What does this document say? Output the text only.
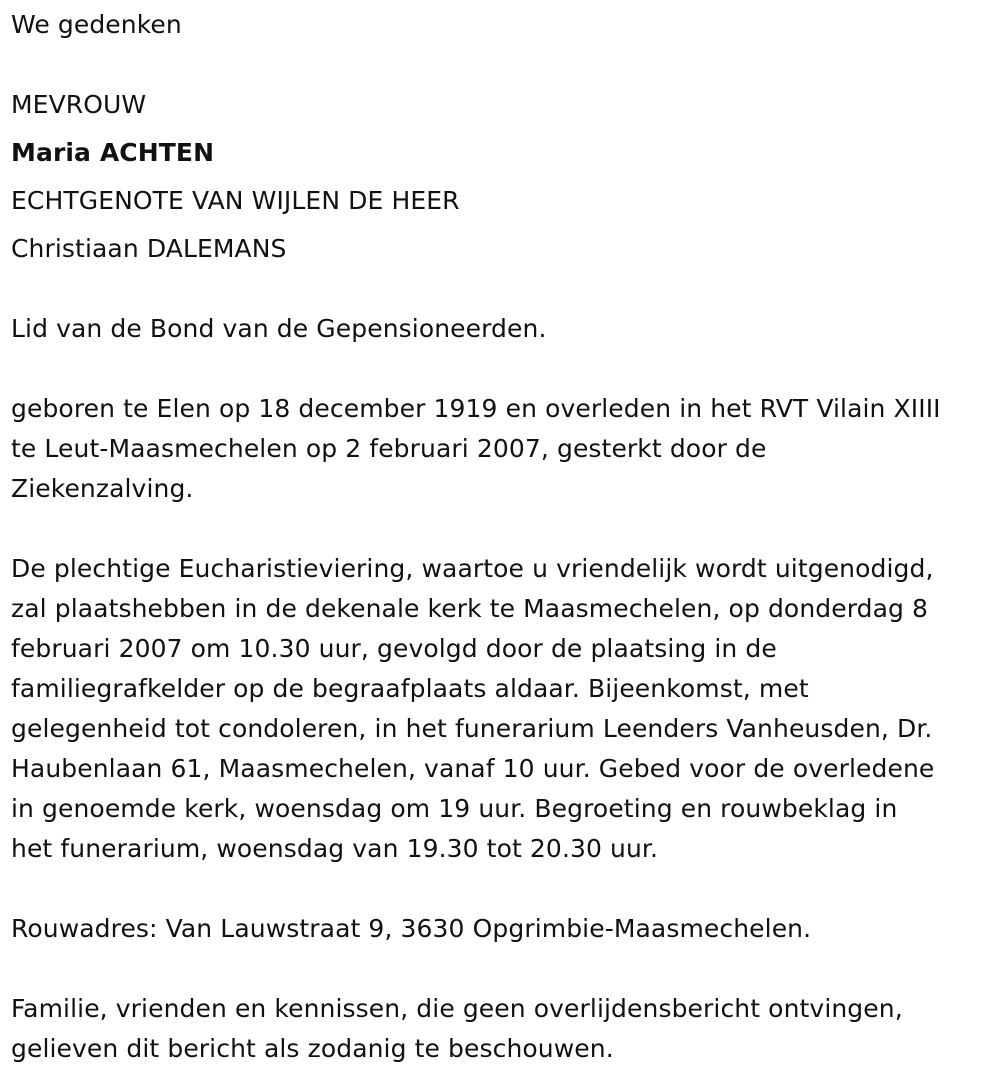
We gedenken
MEVROUW
Maria ACHTEN
ECHTGENOTE VAN WIJLEN DE HEER
Christiaan DALEMANS
Lid van de Bond van de Gepensioneerden.
geboren te Elen op 18 december 1919 en overleden in het RVT Vilain XIIII
te Leut-Maasmechelen op 2 februari 2007, gesterkt door de
Ziekenzalving.
De plechtige Eucharistieviering, waartoe u vriendelijk wordt uitgenodigd,
zal plaatshebben in de dekenale kerk te Maasmechelen, op donderdag 8
februari 2007 om 10.30 uur, gevolgd door de plaatsing in de
familiegrafkelder op de begraafplaats aldaar. Bijeenkomst, met
gelegenheid tot condoleren, in het funerarium Leenders Vanheusden, Dr.
Haubenlaan 61, Maasmechelen, vanaf 10 uur. Gebed voor de overledene
in genoemde kerk, woensdag om 19 uur. Begroeting en rouwbeklag in
het funerarium, woensdag van 19.30 tot 20.30 uur.
Rouwadres: Van Lauwstraat 9, 3630 Opgrimbie-Maasmechelen.
Familie, vrienden en kennissen, die geen overlijdensbericht ontvingen,
gelieven dit bericht als zodanig te beschouwen.
